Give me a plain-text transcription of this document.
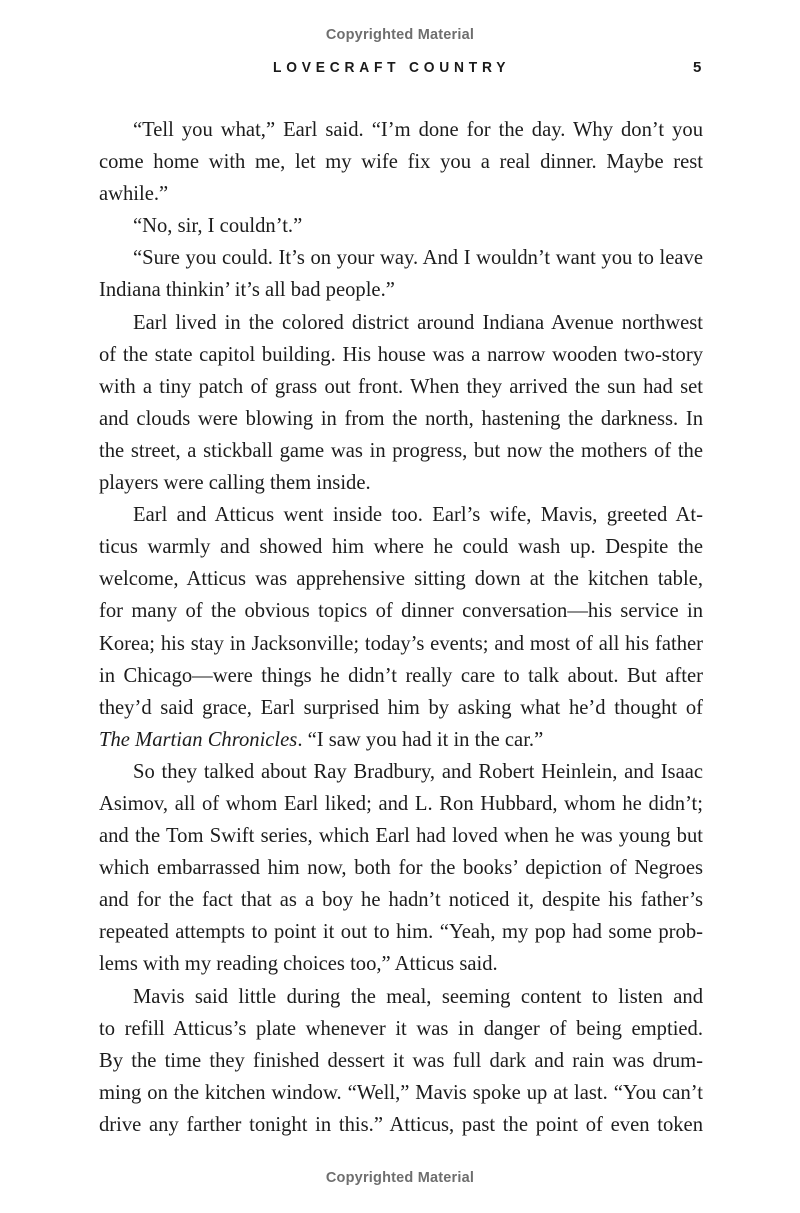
Copyrighted Material
LOVECRAFT COUNTRY	5
“Tell you what,” Earl said. “I’m done for the day. Why don’t you
come home with me, let my wife fix you a real dinner. Maybe rest
awhile.”
“No, sir, I couldn’t.”
“Sure you could. It’s on your way. And I wouldn’t want you to leave
Indiana thinkin’ it’s all bad people.”
Earl lived in the colored district around Indiana Avenue northwest
of the state capitol building. His house was a narrow wooden two-story
with a tiny patch of grass out front. When they arrived the sun had set
and clouds were blowing in from the north, hastening the darkness. In
the street, a stickball game was in progress, but now the mothers of the
players were calling them inside.
Earl and Atticus went inside too. Earl’s wife, Mavis, greeted At-
ticus warmly and showed him where he could wash up. Despite the
welcome, Atticus was apprehensive sitting down at the kitchen table,
for many of the obvious topics of dinner conversation—his service in
Korea; his stay in Jacksonville; today’s events; and most of all his father
in Chicago—were things he didn’t really care to talk about. But after
they’d said grace, Earl surprised him by asking what he’d thought of
The Martian Chronicles. “I saw you had it in the car.”
So they talked about Ray Bradbury, and Robert Heinlein, and Isaac
Asimov, all of whom Earl liked; and L. Ron Hubbard, whom he didn’t;
and the Tom Swift series, which Earl had loved when he was young but
which embarrassed him now, both for the books’ depiction of Negroes
and for the fact that as a boy he hadn’t noticed it, despite his father’s
repeated attempts to point it out to him. “Yeah, my pop had some prob-
lems with my reading choices too,” Atticus said.
Mavis said little during the meal, seeming content to listen and
to refill Atticus’s plate whenever it was in danger of being emptied.
By the time they finished dessert it was full dark and rain was drum-
ming on the kitchen window. “Well,” Mavis spoke up at last. “You can’t
drive any farther tonight in this.” Atticus, past the point of even token
Copyrighted Material
